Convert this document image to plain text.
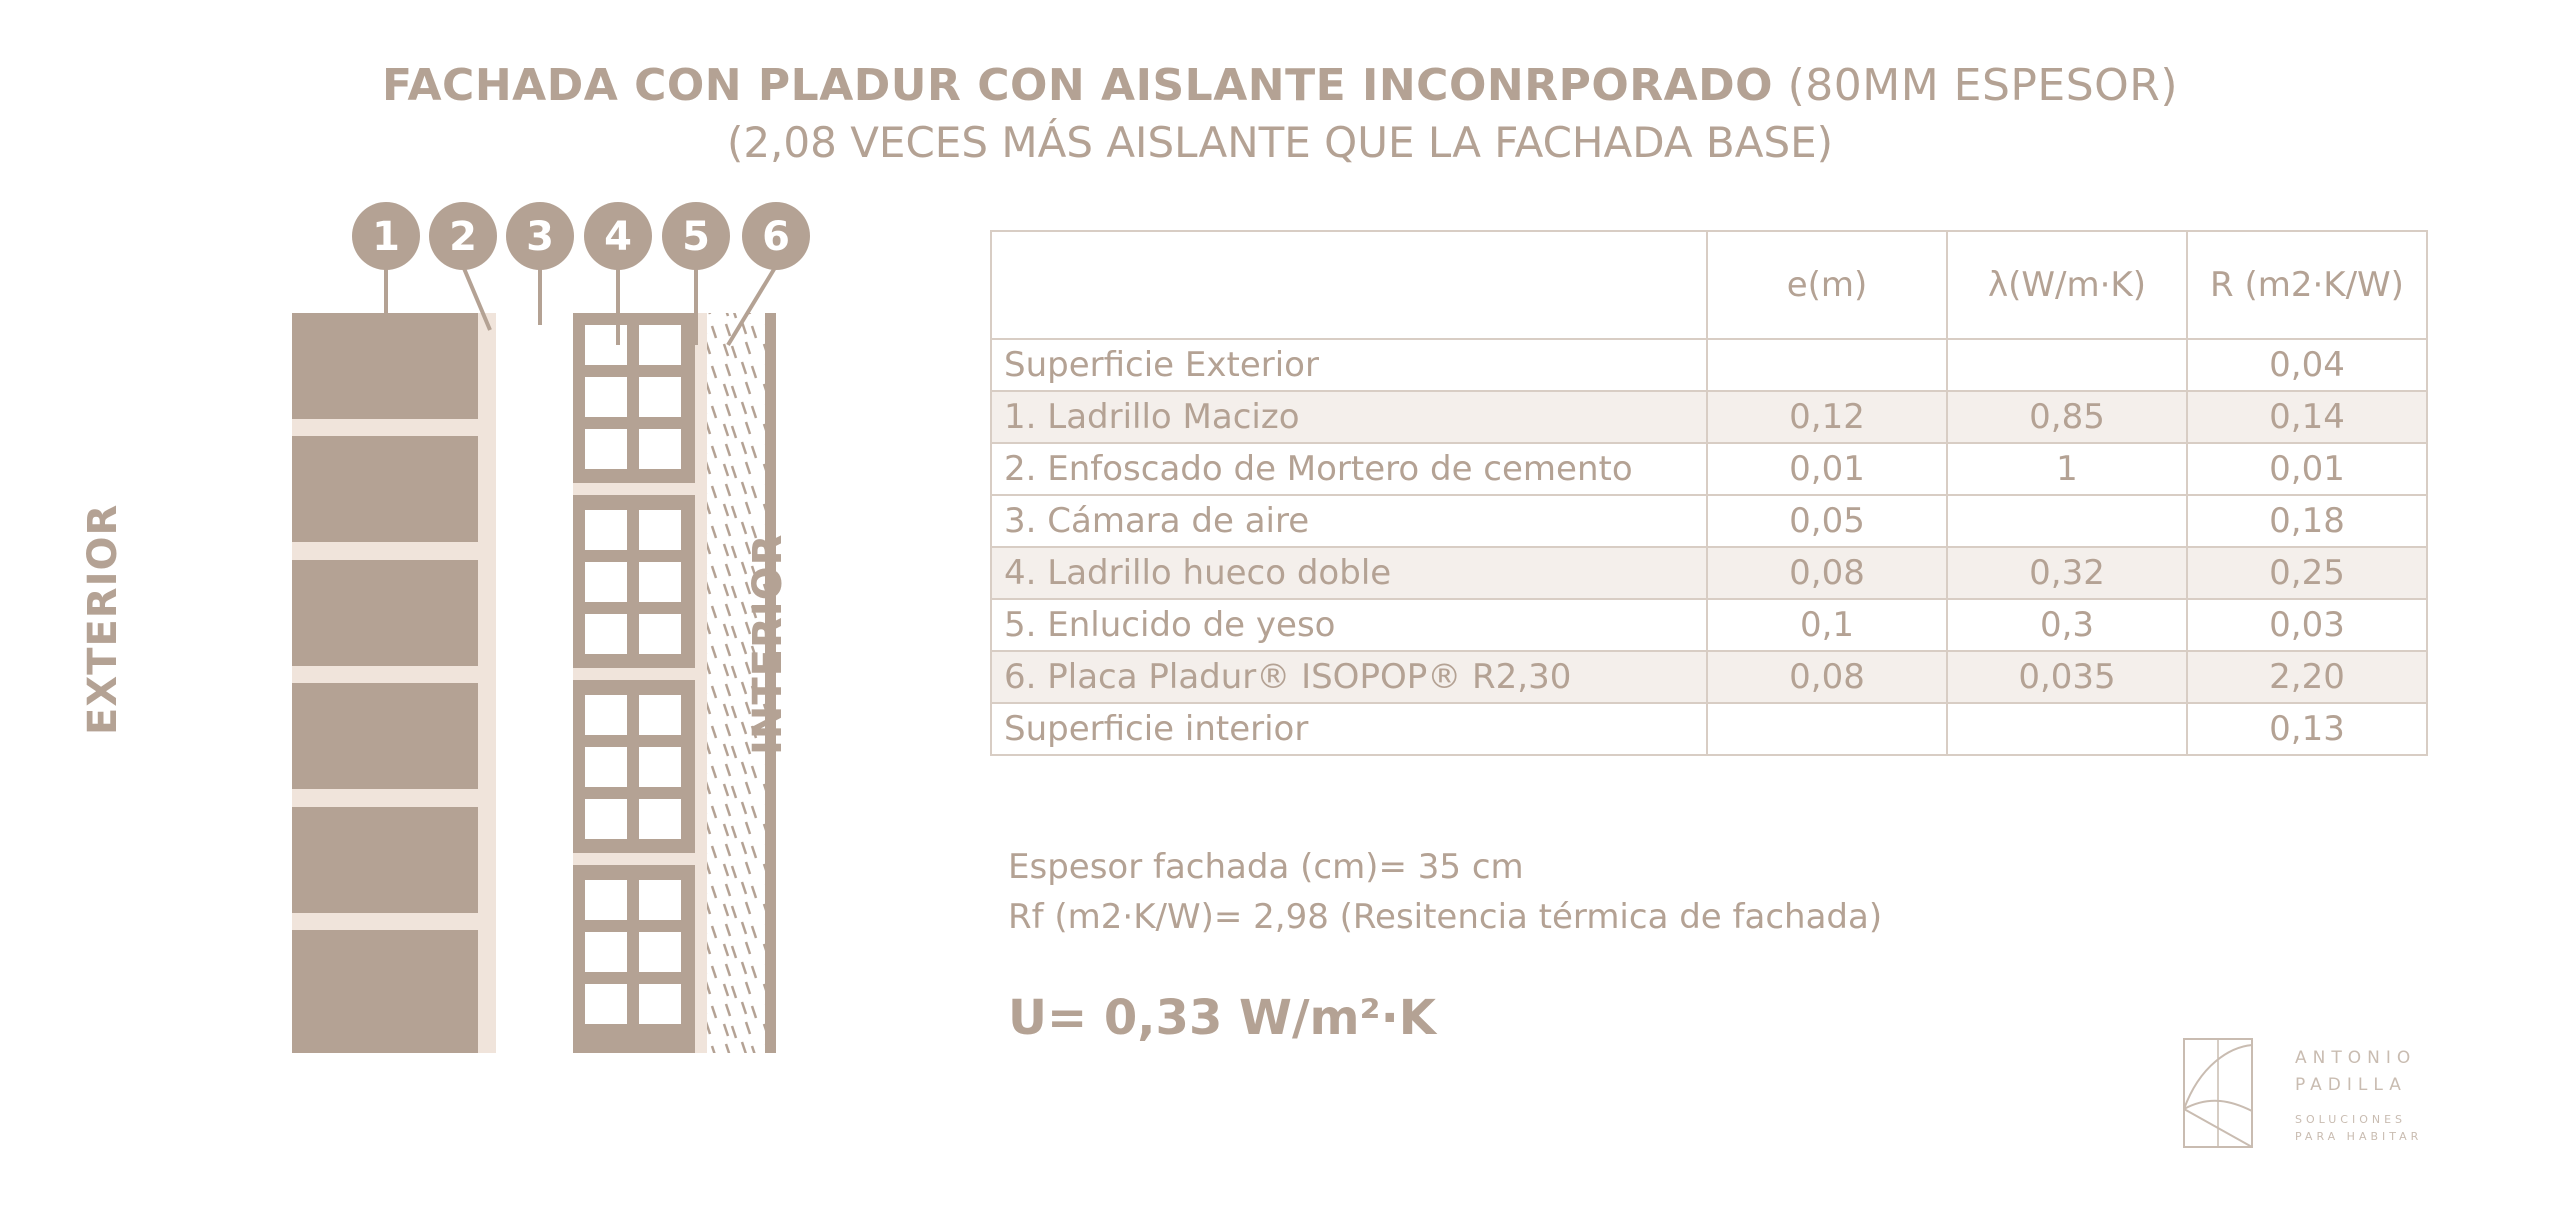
FACHADA CON PLADUR CON AISLANTE INCONRPORADO (80MM ESPESOR)
(2,08 VECES MÁS AISLANTE QUE LA FACHADA BASE)
1 2 3 4 5 6
EXTERIOR	INTERIOR
	e(m)	λ(W/m·K)	R (m2·K/W)
Superficie Exterior			0,04
1. Ladrillo Macizo	0,12	0,85	0,14
2. Enfoscado de Mortero de cemento	0,01	1	0,01
3. Cámara de aire	0,05		0,18
4. Ladrillo hueco doble	0,08	0,32	0,25
5. Enlucido de yeso	0,1	0,3	0,03
6. Placa Pladur® ISOPOP® R2,30	0,08	0,035	2,20
Superficie interior			0,13
Espesor fachada (cm)= 35 cm
Rf (m2·K/W)= 2,98 (Resitencia térmica de fachada)
U= 0,33 W/m²·K
ANTONIO
PADILLA
SOLUCIONES
PARA HABITAR
